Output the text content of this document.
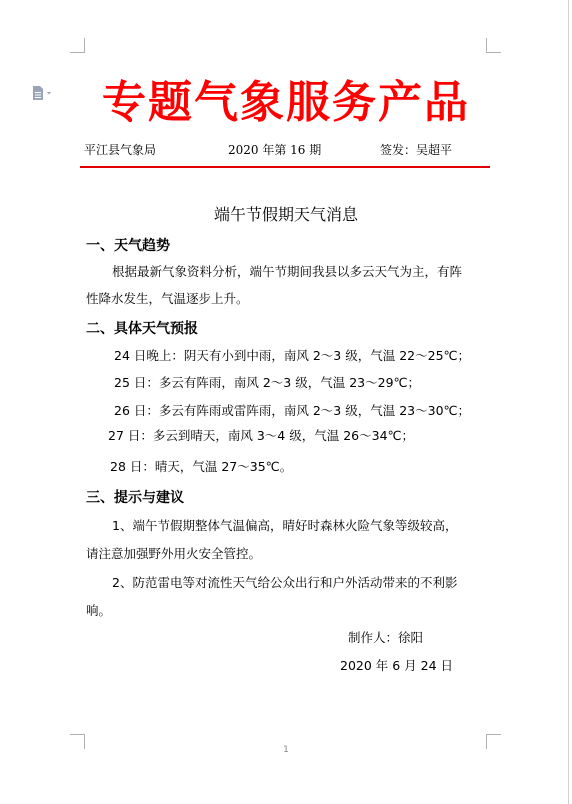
专题气象服务产品
平江县气象局	2020 年第 16 期	签发：吴超平
端午节假期天气消息
一、天气趋势
根据最新气象资料分析，端午节期间我县以多云天气为主，有阵
性降水发生，气温逐步上升。
二、具体天气预报
24 日晚上：阴天有小到中雨，南风 2～3 级，气温 22～25℃；
25 日：多云有阵雨，南风 2～3 级，气温 23～29℃；
26 日：多云有阵雨或雷阵雨，南风 2～3 级，气温 23～30℃；
27 日：多云到晴天，南风 3～4 级，气温 26～34℃；
28 日：晴天，气温 27～35℃。
三、提示与建议
1、端午节假期整体气温偏高，晴好时森林火险气象等级较高，
请注意加强野外用火安全管控。
2、防范雷电等对流性天气给公众出行和户外活动带来的不利影
响。
制作人：徐阳
2020 年 6 月 24 日
1
